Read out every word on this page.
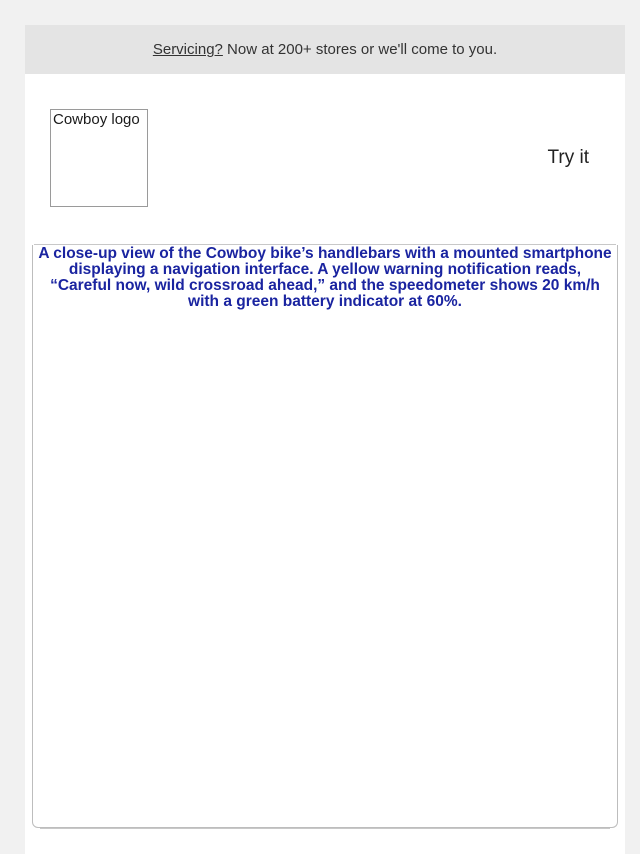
Servicing? Now at 200+ stores or we'll come to you.
Cowboy logo
Try it
A close-up view of the Cowboy bike’s handlebars with a mounted smartphone displaying a navigation interface. A yellow warning notification reads, “Careful now, wild crossroad ahead,” and the speedometer shows 20 km/h with a green battery indicator at 60%.
